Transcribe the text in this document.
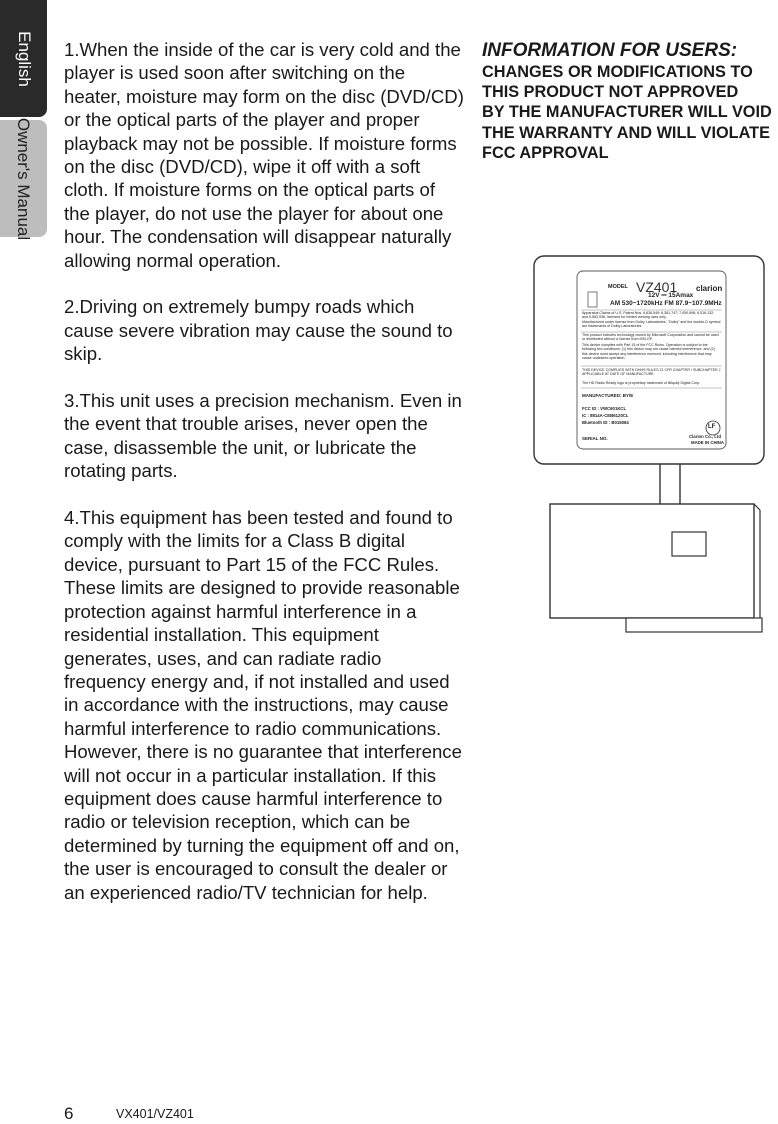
English
Owner's Manual

1.When the inside of the car is very cold and the player is used soon after switching on the heater, moisture may form on the disc (DVD/CD) or the optical parts of the player and proper playback may not be possible. If moisture forms on the disc (DVD/CD), wipe it off with a soft cloth. If moisture forms on the optical parts of the player, do not use the player for about one hour. The condensation will disappear naturally allowing normal operation.

2.Driving on extremely bumpy roads which cause severe vibration may cause the sound to skip.

3.This unit uses a precision mechanism. Even in the event that trouble arises, never open the case, disassemble the unit, or lubricate the rotating parts.

4.This equipment has been tested and found to comply with the limits for a Class B digital device, pursuant to Part 15 of the FCC Rules. These limits are designed to provide reasonable protection against harmful interference in a residential installation. This equipment generates, uses, and can radiate radio frequency energy and, if not installed and used in accordance with the instructions, may cause harmful interference to radio communications. However, there is no guarantee that interference will not occur in a particular installation. If this equipment does cause harmful interference to radio or television reception, which can be determined by turning the equipment off and on, the user is encouraged to consult the dealer or an experienced radio/TV technician for help.

INFORMATION FOR USERS:
CHANGES OR MODIFICATIONS TO
THIS PRODUCT NOT APPROVED
BY THE MANUFACTURER WILL VOID
THE WARRANTY AND WILL VIOLATE
FCC APPROVAL
MODEL VZ401 clarion
12V ⎓ 15Amax
AM 530~1720kHz FM 87.9~107.9MHz
Apparatus Claims of U.S. Patent Nos. 6,836,549; 6,381,747; 7,050,698; 6,516,132; and 5,583,936, licensed for limited viewing uses only.
Manufactured under license from Dolby Laboratories. "Dolby" and the double-D symbol are trademarks of Dolby Laboratories.
This product includes technology owned by Microsoft Corporation and cannot be used or distributed without a license from MSLGP.
This device complies with Part 15 of the FCC Rules. Operation is subject to the following two conditions: (1) this device may not cause harmful interference, and (2) this device must accept any interference received, including interference that may cause undesired operation.
THIS DEVICE COMPLIES WITH DHHS RULES 21 CFR CHAPTER I SUBCHAPTER J APPLICABLE AT DATE OF MANUFACTURE.
The HD Radio Ready logo is proprietary trademark of iBiquity Digital Corp.
MANUFACTURED: BY/E
FCC ID : VWC601KCL
IC : 8814A-CEB6120CL
Bluetooth ID : B015064
SERIAL NO.	Clarion Co., Ltd
MADE IN CHINA
LF
6	VX401/VZ401
